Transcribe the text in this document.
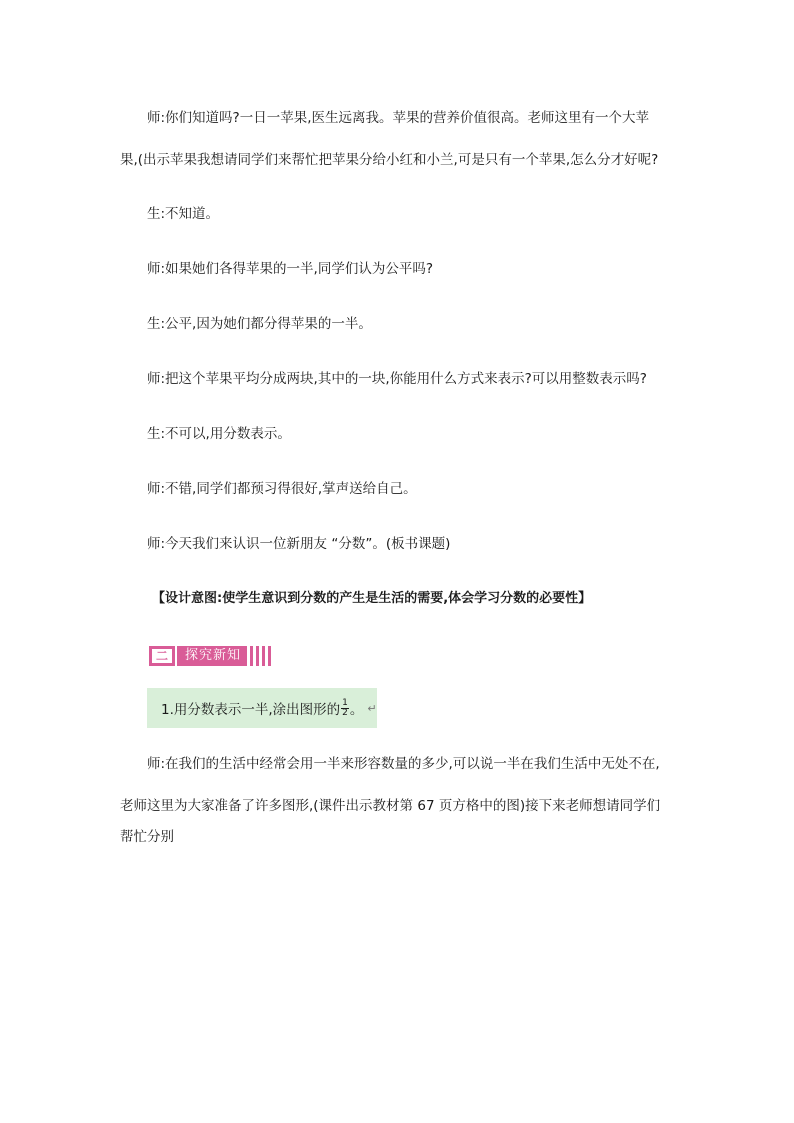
师:你们知道吗?一日一苹果,医生远离我。苹果的营养价值很高。老师这里有一个大苹
果,(出示苹果我想请同学们来帮忙把苹果分给小红和小兰,可是只有一个苹果,怎么分才好呢?
生:不知道。
师:如果她们各得苹果的一半,同学们认为公平吗?
生:公平,因为她们都分得苹果的一半。
师:把这个苹果平均分成两块,其中的一块,你能用什么方式来表示?可以用整数表示吗?
生:不可以,用分数表示。
师:不错,同学们都预习得很好,掌声送给自己。
师:今天我们来认识一位新朋友 “分数”。(板书课题)
【设计意图:使学生意识到分数的产生是生活的需要,体会学习分数的必要性】
二	探究新知
1.用分数表示一半,涂出图形的 $\frac{1}{2}$ 。 ↵
师:在我们的生活中经常会用一半来形容数量的多少,可以说一半在我们生活中无处不在,
老师这里为大家准备了许多图形,(课件出示教材第 67 页方格中的图)接下来老师想请同学们
帮忙分别
